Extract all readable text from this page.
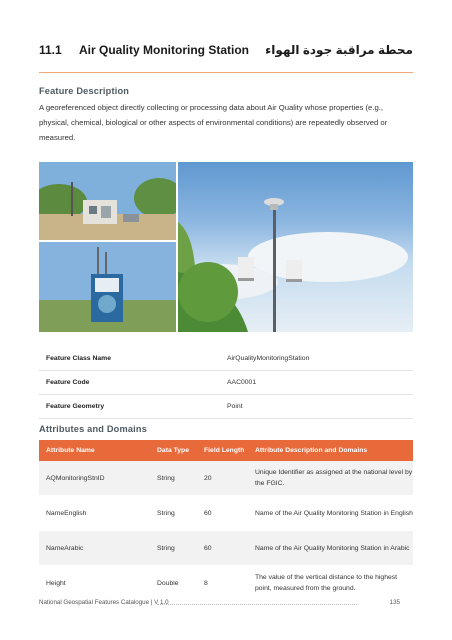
11.1 Air Quality Monitoring Station محطة مراقبة جودة الهواء
Feature Description
A georeferenced object directly collecting or processing data about Air Quality whose properties (e.g., physical, chemical, biological or other aspects of environmental conditions) are repeatedly observed or measured.
Feature Class Name	AirQualityMonitoringStation
Feature Code	AAC0001
Feature Geometry	Point
Attributes and Domains
Attribute Name	Data Type	Field Length	Attribute Description and Domains
AQMonitoringStnID	String	20	Unique Identifier as assigned at the national level by the FGIC.

NameEnglish	String	60	Name of the Air Quality Monitoring Station in English

NameArabic	String	60	Name of the Air Quality Monitoring Station in Arabic

Height	Double	8	The value of the vertical distance to the highest point, measured from the ground.
National Geospatial Features Catalogue | V 1.0	135
